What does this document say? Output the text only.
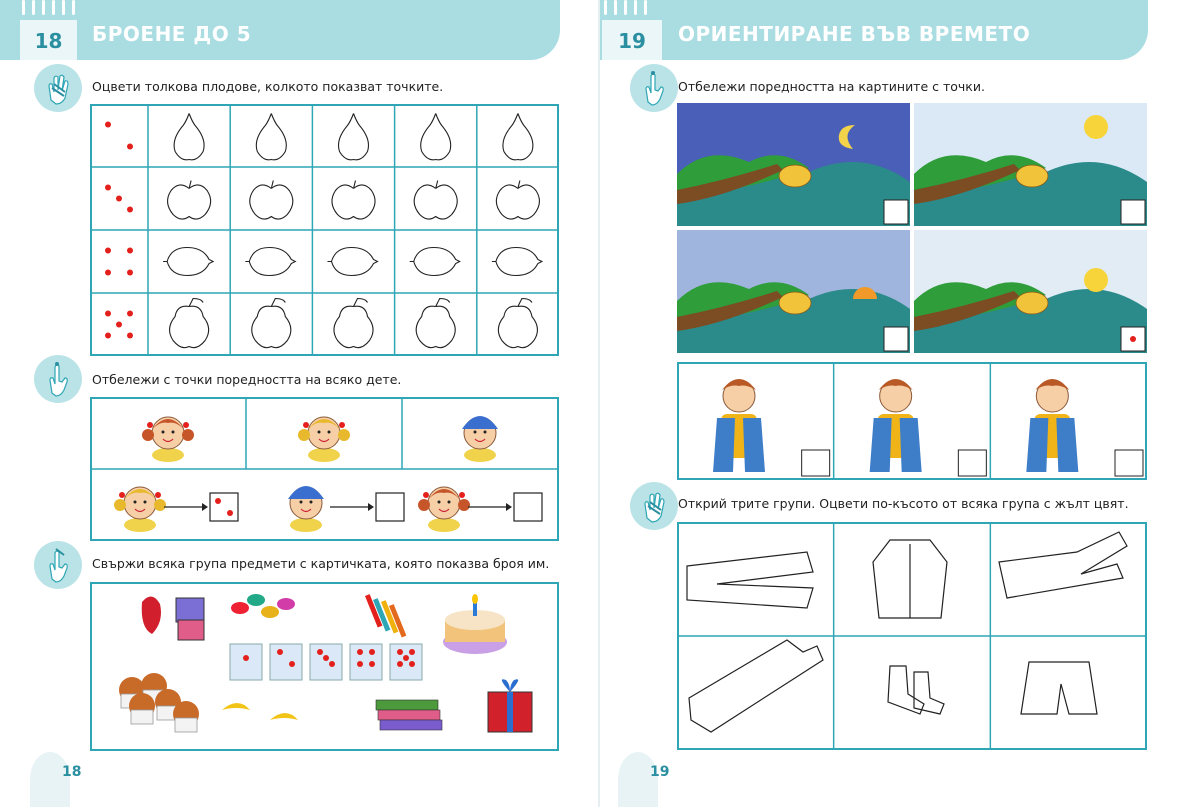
18	БРОЕНЕ ДО 5
Оцвети толкова плодове, колкото показват точките.
Отбележи с точки поредността на всяко дете.
Свържи всяка група предмети с картичката, която показва броя им.
18
19	ОРИЕНТИРАНЕ ВЪВ ВРЕМЕТО
Отбележи поредността на картините с точки.
Открий трите групи. Оцвети по-късото от всяка група с жълт цвят.
19
